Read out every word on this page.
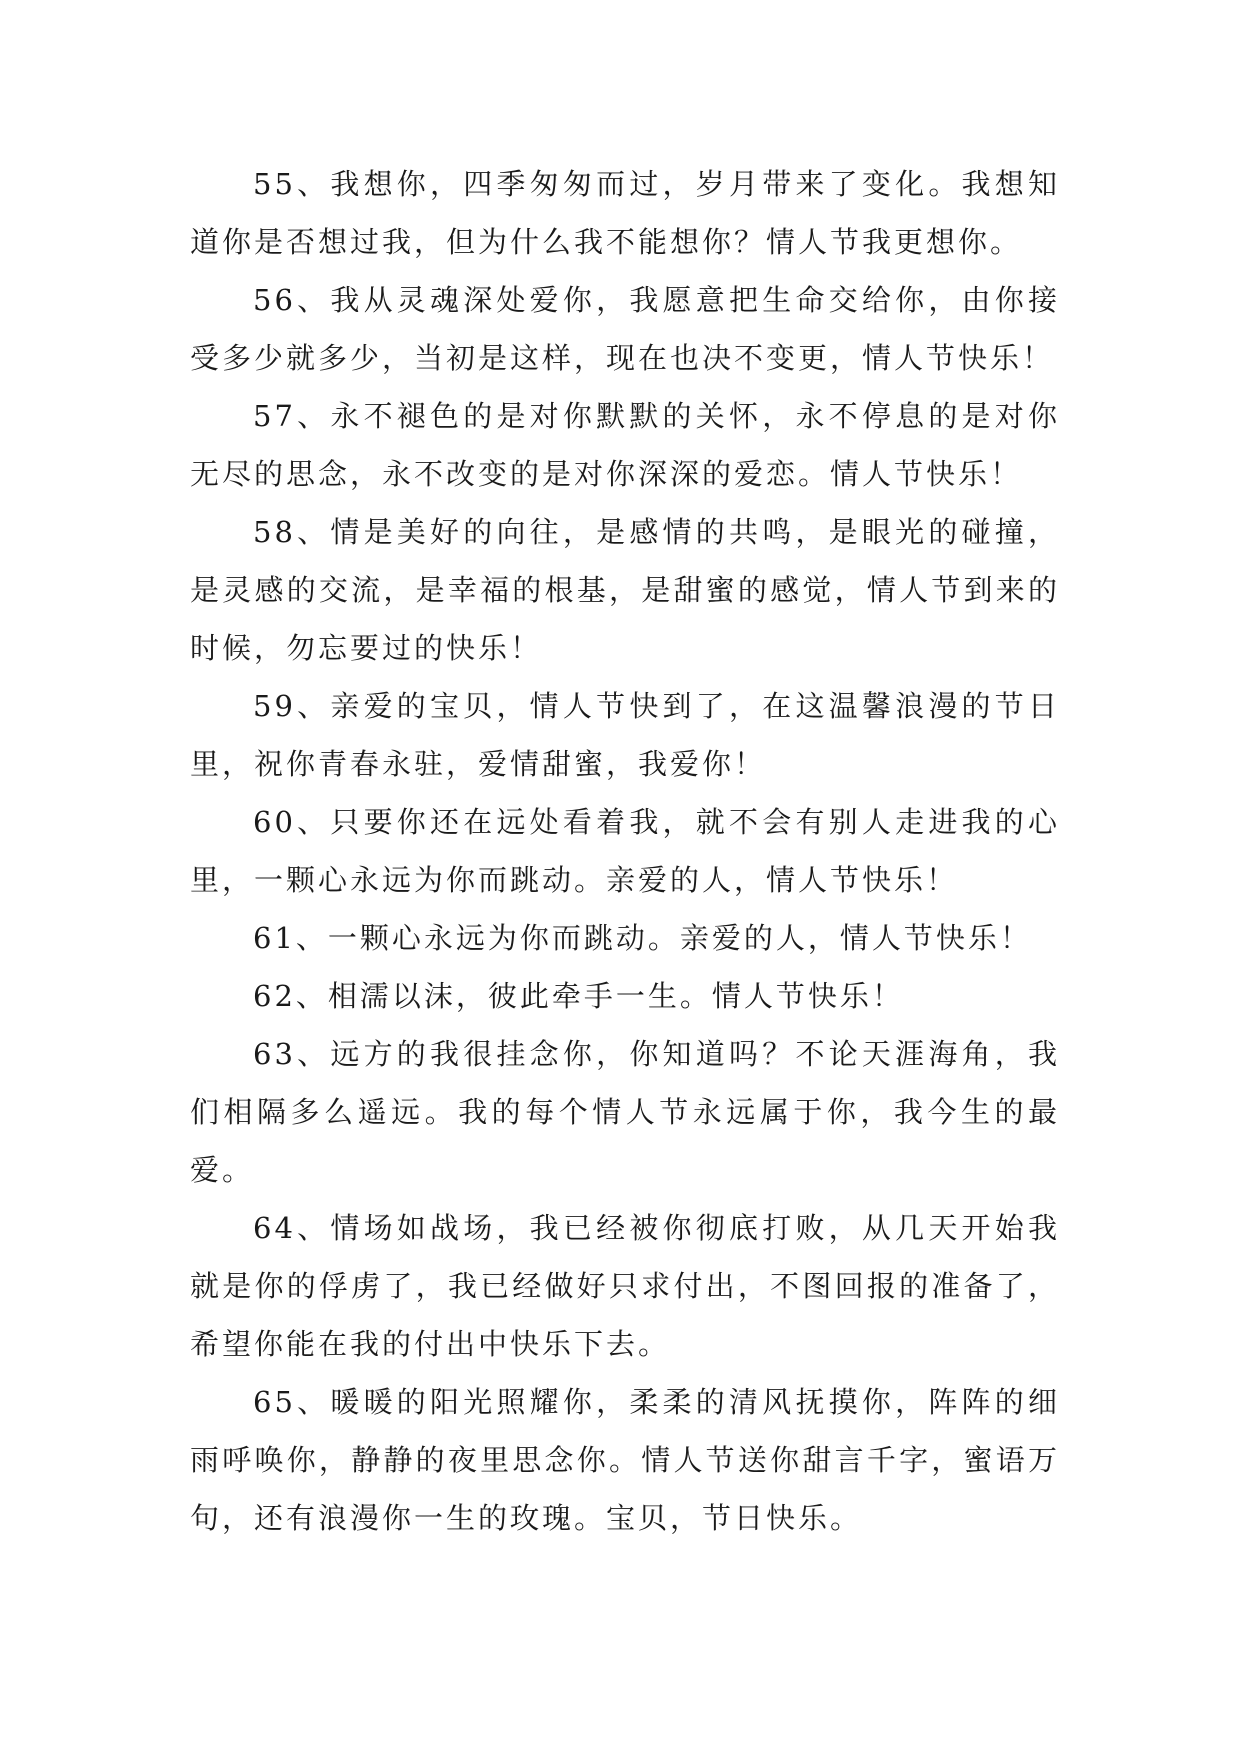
55、我想你，四季匆匆而过，岁月带来了变化。我想知道你是否想过我，但为什么我不能想你？情人节我更想你。

56、我从灵魂深处爱你，我愿意把生命交给你，由你接受多少就多少，当初是这样，现在也决不变更，情人节快乐！

57、永不褪色的是对你默默的关怀，永不停息的是对你无尽的思念，永不改变的是对你深深的爱恋。情人节快乐！

58、情是美好的向往，是感情的共鸣，是眼光的碰撞，是灵感的交流，是幸福的根基，是甜蜜的感觉，情人节到来的时候，勿忘要过的快乐！

59、亲爱的宝贝，情人节快到了，在这温馨浪漫的节日里，祝你青春永驻，爱情甜蜜，我爱你！

60、只要你还在远处看着我，就不会有别人走进我的心里，一颗心永远为你而跳动。亲爱的人，情人节快乐！

61、一颗心永远为你而跳动。亲爱的人，情人节快乐！

62、相濡以沫，彼此牵手一生。情人节快乐！

63、远方的我很挂念你，你知道吗？不论天涯海角，我们相隔多么遥远。我的每个情人节永远属于你，我今生的最爱。

64、情场如战场，我已经被你彻底打败，从几天开始我就是你的俘虏了，我已经做好只求付出，不图回报的准备了，希望你能在我的付出中快乐下去。

65、暖暖的阳光照耀你，柔柔的清风抚摸你，阵阵的细雨呼唤你，静静的夜里思念你。情人节送你甜言千字，蜜语万句，还有浪漫你一生的玫瑰。宝贝，节日快乐。
